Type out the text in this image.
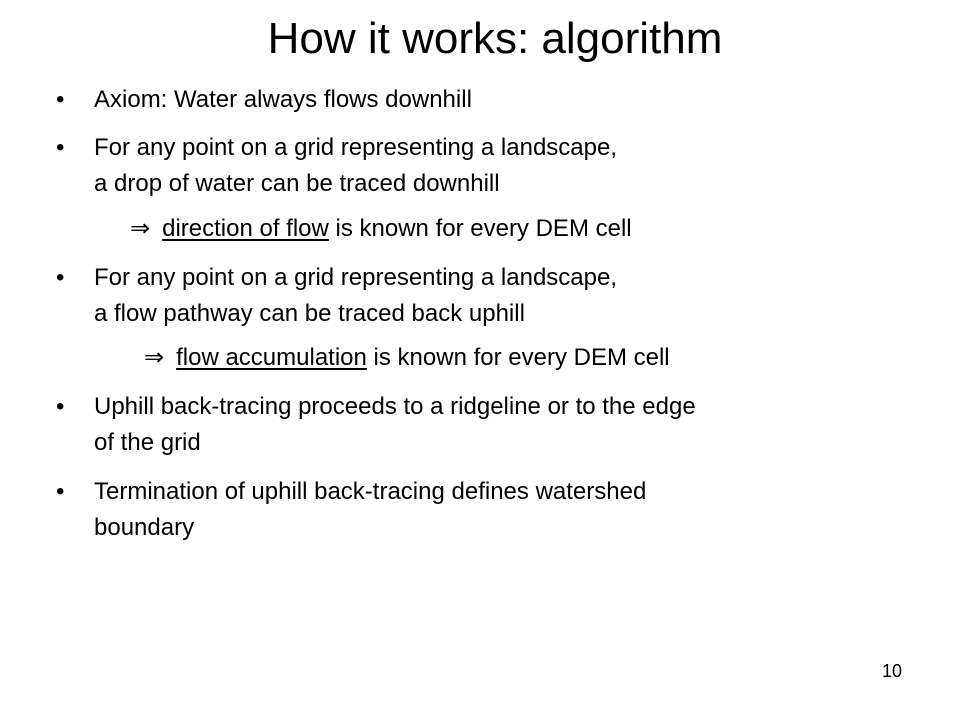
How it works: algorithm
• Axiom: Water always flows downhill
• For any point on a grid representing a landscape,
a drop of water can be traced downhill
⇒ direction of flow is known for every DEM cell
• For any point on a grid representing a landscape,
a flow pathway can be traced back uphill
⇒ flow accumulation is known for every DEM cell
• Uphill back-tracing proceeds to a ridgeline or to the edge
of the grid
• Termination of uphill back-tracing defines watershed
boundary
10
